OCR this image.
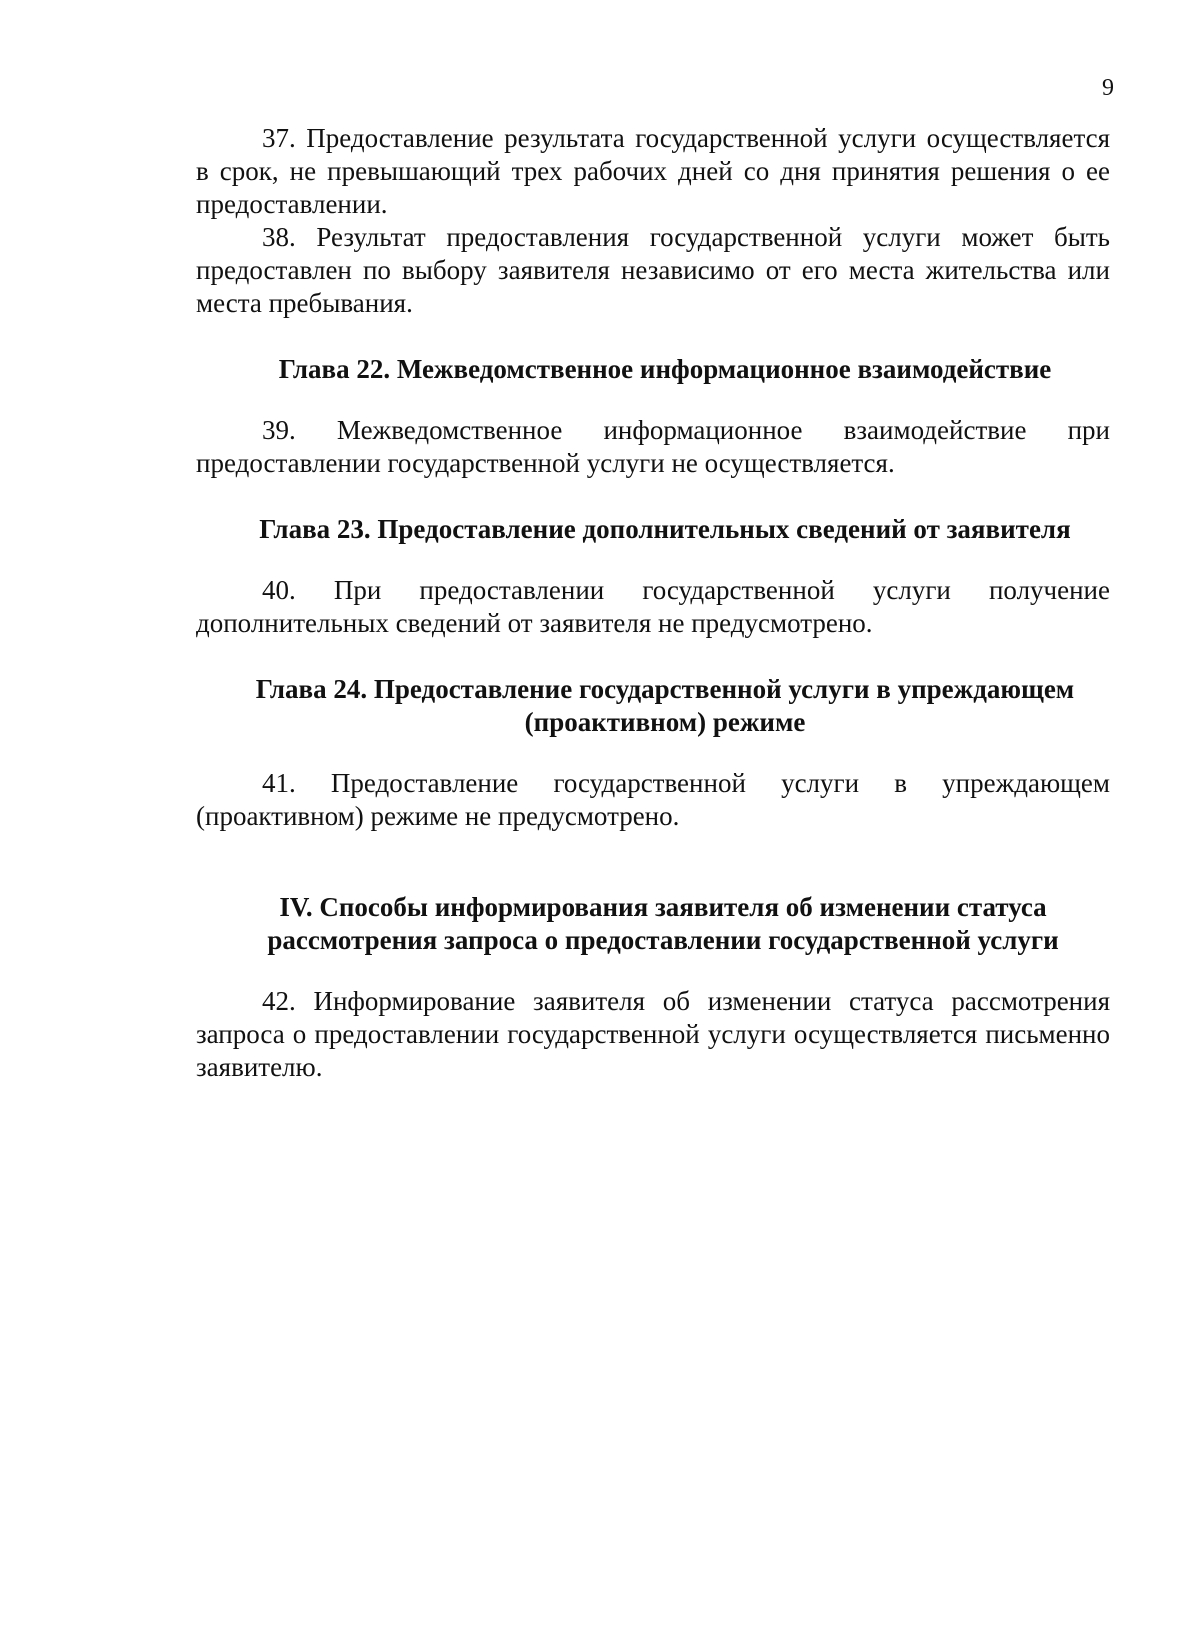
9

37. Предоставление результата государственной услуги осуществляется в срок, не превышающий трех рабочих дней со дня принятия решения о ее предоставлении.

38. Результат предоставления государственной услуги может быть предоставлен по выбору заявителя независимо от его места жительства или места пребывания.

Глава 22. Межведомственное информационное взаимодействие

39. Межведомственное информационное взаимодействие при предоставлении государственной услуги не осуществляется.

Глава 23. Предоставление дополнительных сведений от заявителя

40. При предоставлении государственной услуги получение дополнительных сведений от заявителя не предусмотрено.

Глава 24. Предоставление государственной услуги в упреждающем (проактивном) режиме

41. Предоставление государственной услуги в упреждающем (проактивном) режиме не предусмотрено.

IV. Способы информирования заявителя об изменении статуса рассмотрения запроса о предоставлении государственной услуги

42. Информирование заявителя об изменении статуса рассмотрения запроса о предоставлении государственной услуги осуществляется письменно заявителю.
